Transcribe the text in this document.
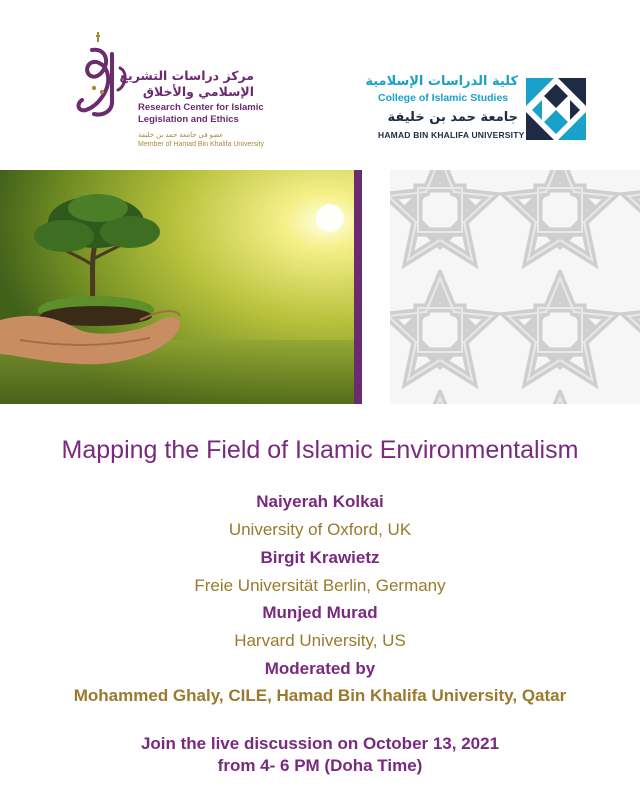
مركز دراسات التشريع
الإسلامي والأخلاق
Research Center for Islamic
Legislation and Ethics
عضو في جامعة حمد بن خليفة
Member of Hamad Bin Khalifa University
كلية الدراسات الإسلامية
College of Islamic Studies
جامعة حمد بن خليفة
HAMAD BIN KHALIFA UNIVERSITY
Mapping the Field of Islamic Environmentalism
Naiyerah Kolkai
University of Oxford, UK
Birgit Krawietz
Freie Universität Berlin, Germany
Munjed Murad
Harvard University, US
Moderated by
Mohammed Ghaly, CILE, Hamad Bin Khalifa University, Qatar
Join the live discussion on October 13, 2021
from 4- 6 PM (Doha Time)
